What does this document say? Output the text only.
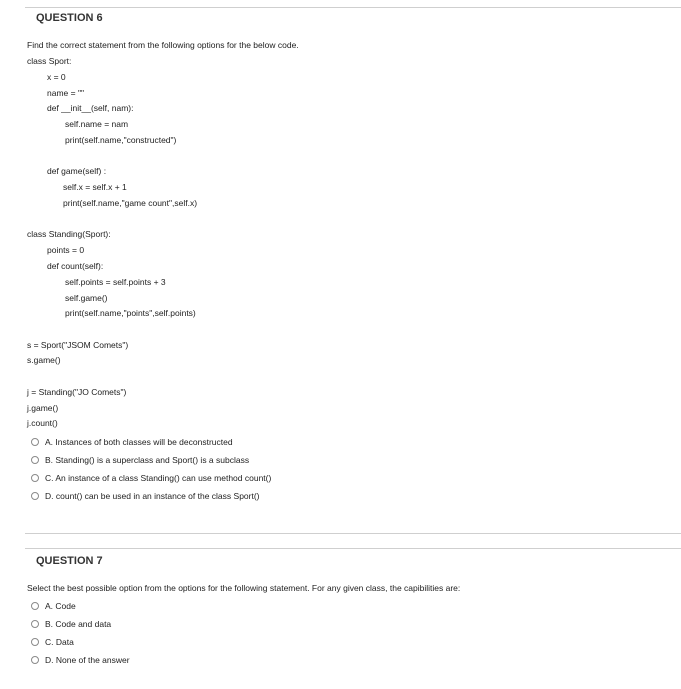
QUESTION 6
Find the correct statement from the following options for the below code.
class Sport:
x = 0
name = ""
def __init__(self, nam):
self.name = nam
print(self.name,"constructed")
def game(self) :
self.x = self.x + 1
print(self.name,"game count",self.x)
class Standing(Sport):
points = 0
def count(self):
self.points = self.points + 3
self.game()
print(self.name,"points",self.points)
s = Sport("JSOM Comets")
s.game()
j = Standing("JO Comets")
j.game()
j.count()
A. Instances of both classes will be deconstructed
B. Standing() is a superclass and Sport() is a subclass
C. An instance of a class Standing() can use method count()
D. count() can be used in an instance of the class Sport()
QUESTION 7
Select the best possible option from the options for the following statement. For any given class, the capibilities are:
A. Code
B. Code and data
C. Data
D. None of the answer
